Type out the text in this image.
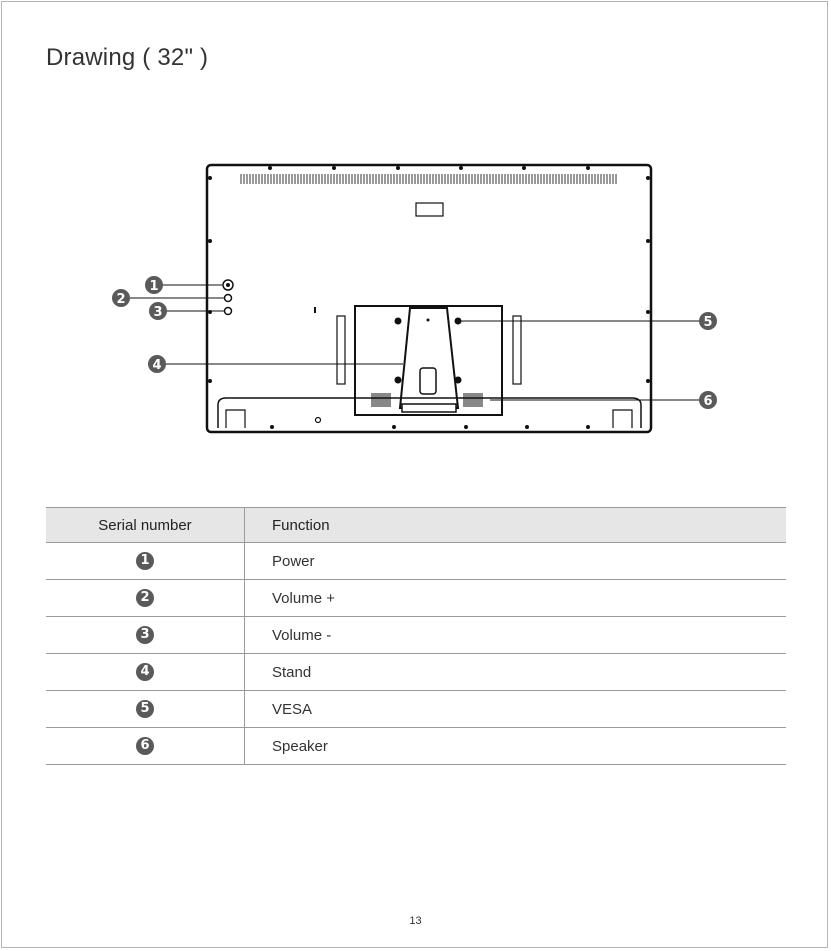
Drawing ( 32" )
1
2
3
4
5
6
Serial number	Function
1	Power
2	Volume +
3	Volume -
4	Stand
5	VESA
6	Speaker
13
